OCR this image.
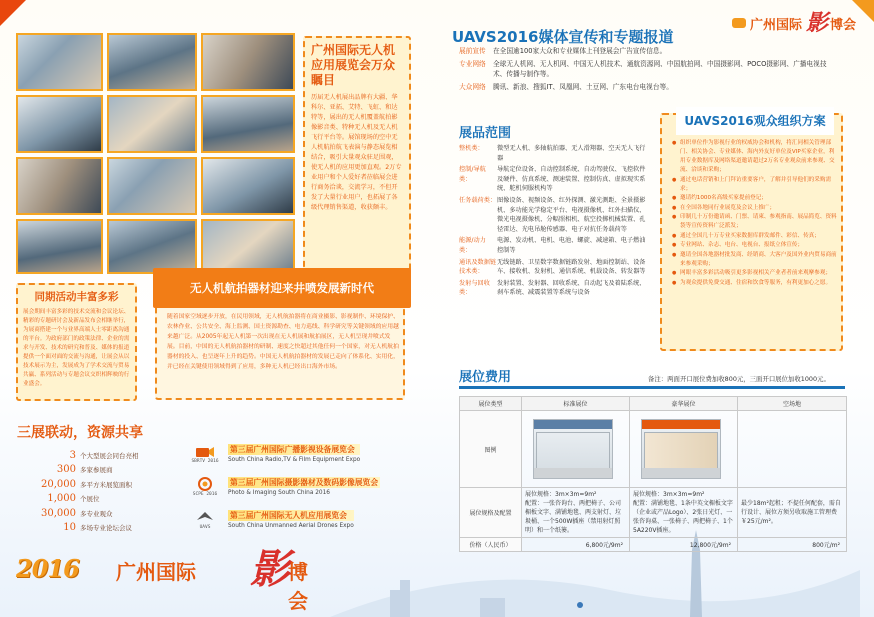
广州国际无人机应用展览会万众瞩目
历届无人机展出品牌有大疆、华科尔、亚拓、艾特、飞虹、和达特等，展出的无人机覆盖航拍影像影音类、特种无人机及无人机飞行平台等。展馆现场的空中无人机航拍航飞表演与静态展览相结合，吸引大量观众驻足围观，使无人机的应用更加直观。2万专业用户和个人爱好者莅临展会进行商务洽谈，交流学习，不但开发了大量行业用户，也拓展了各级代理销售渠道，收获颇丰。
同期活动丰富多彩
展会期间丰富多彩的技术交流和会议论坛、精彩的专题研讨会及新品发布会相继举行，为展商搭建一个与业界高端人士零距离沟通的平台。为政府部门的政策法律、企业的需求与开发、技术的研究和普及、媒体的报道提供一个面对面的交流与沟通，让展会从以技术展示为主，发展成为了学术交流与贸易共赢、系列活动与专题会议交织相辉映的行业盛会。
无人机航拍器材迎来井喷发展新时代
随着国家空域逐步开放，在民用领域，无人机航拍器将在商业摄影、影视制作、环境保护、农林作业、公共安全、海上监测、国土资源勘查、电力巡线、科学研究等关键领域的应用越来越广泛。从2005年起无人机第一次出现在无人机展和航拍展区，无人机呈现井喷式发展。目前，中国的无人机航拍器材的研制、速度之快超过其他任何一个国家，对无人机航拍器材的投入、也呈逐年上升的趋势。中国无人机航拍器材的发展已走向了体系化、实用化，并已经在关键使用领域得到了应用，多种无人机已经出口海外市场。
三展联动，资源共享
3 个大型展会同台亮相
300 多家参展商
20,000 多平方米展览面积
1,000 个展位
30,000 多专业观众
10 多场专业论坛会议
SBRTV 2016
第三届广州国际广播影视设备展览会
South China Radio,TV & Film Equipment Expo
SCPE 2016
第三届广州国际摄影器材及数码影像展览会
Photo & Imaging South China 2016
UAVS
第三届广州国际无人机应用展览会
South China Unmanned Aerial Drones Expo
2016 广州国际 影
博会
广州国际 影 博会
UAVS2016媒体宣传和专题报道
展前宣传	在全国逾100家大众和专业媒体上刊登展会广告宣传信息。
专业网络	全球无人机网、无人机网、中国无人机技术、通航资源网、中国航拍网、中国摄影网、POCO摄影网、广播电视技术、传播与制作等。
大众网络	腾讯、新浪、搜狐IT、凤凰网、土豆网、广东电台电视台等。
展品范围
整机类：	微型无人机、多轴航拍器、无人滑翔器、空天无人飞行器
控制/导航类：
导航定位设备、自动控制系统、自动驾驶仪、飞控软件及硬件、仿真系统、测速装置、控制仿真、虚拟现实系统、舵机伺服机构等
任务载荷类： 图像设备、视频设备、红外探测、激光测距、全景摄影机、多功能光学稳定平台、电视摄像机、红外扫描仪、微光电视摄像机、分幅照相机、航空投掷机械装置、孔径雷达、光电吊舱传感器、电子对抗任务载荷等
能源/动力类：
电源、发动机、电机、电池、螺旋、减速箱、电子燃油控制等
通讯及数据链技术类：
无线链路、卫星数字数据链路发射、地面控制站、设备车、接收机、发射机、通信系统、机载设备、转发器等
发射与回收类：
发射装置、发射器、回收系统、自动起飞及着陆系统、刹车系统、减震装置等系统与设备
UAVS2016观众组织方案
● 组织单位作为影视行业的权威协会和机构，将汇同相关管理部门、相关协会、专业媒体、海内外友好单位及VIP买家企业，利用专业数据库及网络渠道邀请超过2万名专业观众前来参观、交流、洽谈和采购；
● 通过电话营销和上门拜访重要客户，了解并引导他们的采购需求；
● 邀请约1000名高级买家提前登记；
● 在全国各地同行业展览及会议上推广；
● 印制几十万份邀请函、门票、请柬、参观指南、展品简览、资料袋等宣传资料广泛派发；
● 通过全国几十万专业买家数据库群发邮件、彩信、传真；
● 专业网站、杂志、电台、电视台、报纸立体宣传；
● 邀请全国各地器材批发商、经销商、大客户及国外业内贸易商前来参观采购；
● 网眼丰富多彩活动吸引更多影视相关产业者者前来观摩参观；
● 为观众提供免费交通、住宿和饮食等服务，有利更加心之愿。
展位费用	备注：两面开口展位费加收800元，三面开口展位加收1000元。
展位类型	标准展位	豪华展位	空场地
图例	

展位规格及配置	展位规格：3m×3m=9m²
配置：一张咨询台、两把椅子、公司楣板文字、满铺地毯、两支射灯、垃圾桶、一个500W插座（禁用射灯照明）和一个纸篓。	展位规格：3m×3m=9m²
配置：满铺地毯、1条中英文楣板文字（企业或产品Logo）、2张日光灯、一张咨询桌、一张椅子、两把椅子、1个5A220V插座。	最少18m²起租；不提任何配套，需自行设计、展位方须另收取施工管理费￥25元/m²。
价格（人民币）	6,800元/9m²	12,800元/9m²	800元/m²
